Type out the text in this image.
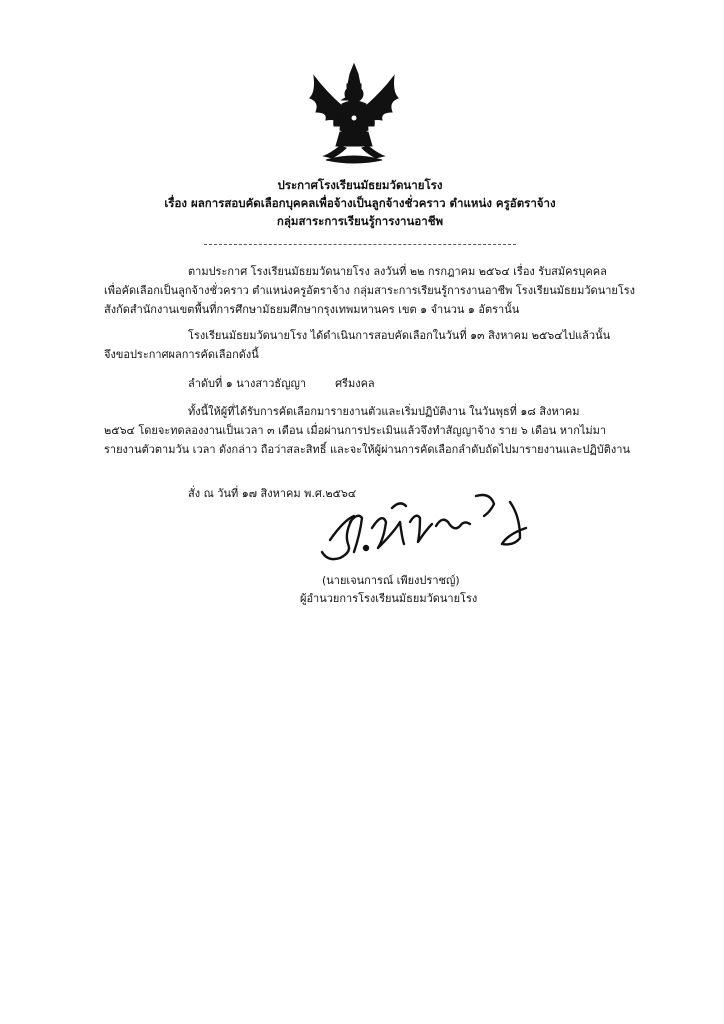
ประกาศโรงเรียนมัธยมวัดนายโรง
เรื่อง ผลการสอบคัดเลือกบุคคลเพื่อจ้างเป็นลูกจ้างชั่วคราว ตำแหน่ง ครูอัตราจ้าง
กลุ่มสาระการเรียนรู้การงานอาชีพ
ตามประกาศ โรงเรียนมัธยมวัดนายโรง ลงวันที่ ๒๒ กรกฎาคม ๒๕๖๔ เรื่อง รับสมัครบุคคล
เพื่อคัดเลือกเป็นลูกจ้างชั่วคราว ตำแหน่งครูอัตราจ้าง กลุ่มสาระการเรียนรู้การงานอาชีพ โรงเรียนมัธยมวัดนายโรง
สังกัดสำนักงานเขตพื้นที่การศึกษามัธยมศึกษากรุงเทพมหานคร เขต ๑ จำนวน ๑ อัตรานั้น
โรงเรียนมัธยมวัดนายโรง ได้ดำเนินการสอบคัดเลือกในวันที่ ๑๓ สิงหาคม ๒๕๖๔ไปแล้วนั้น
จึงขอประกาศผลการคัดเลือกดังนี้
ลำดับที่ ๑ นางสาวธัญญา	ศรีมงคล
ทั้งนี้ให้ผู้ที่ได้รับการคัดเลือกมารายงานตัวและเริ่มปฏิบัติงาน ในวันพุธที่ ๑๘ สิงหาคม
๒๕๖๔ โดยจะทดลองงานเป็นเวลา ๓ เดือน เมื่อผ่านการประเมินแล้วจึงทำสัญญาจ้าง ราย ๖ เดือน หากไม่มา
รายงานตัวตามวัน เวลา ดังกล่าว ถือว่าสละสิทธิ์ และจะให้ผู้ผ่านการคัดเลือกลำดับถัดไปมารายงานและปฏิบัติงาน
สั่ง ณ วันที่ ๑๗ สิงหาคม พ.ศ.๒๕๖๔
(นายเจนการณ์ เพียงปราชญ์)
ผู้อำนวยการโรงเรียนมัธยมวัดนายโรง
